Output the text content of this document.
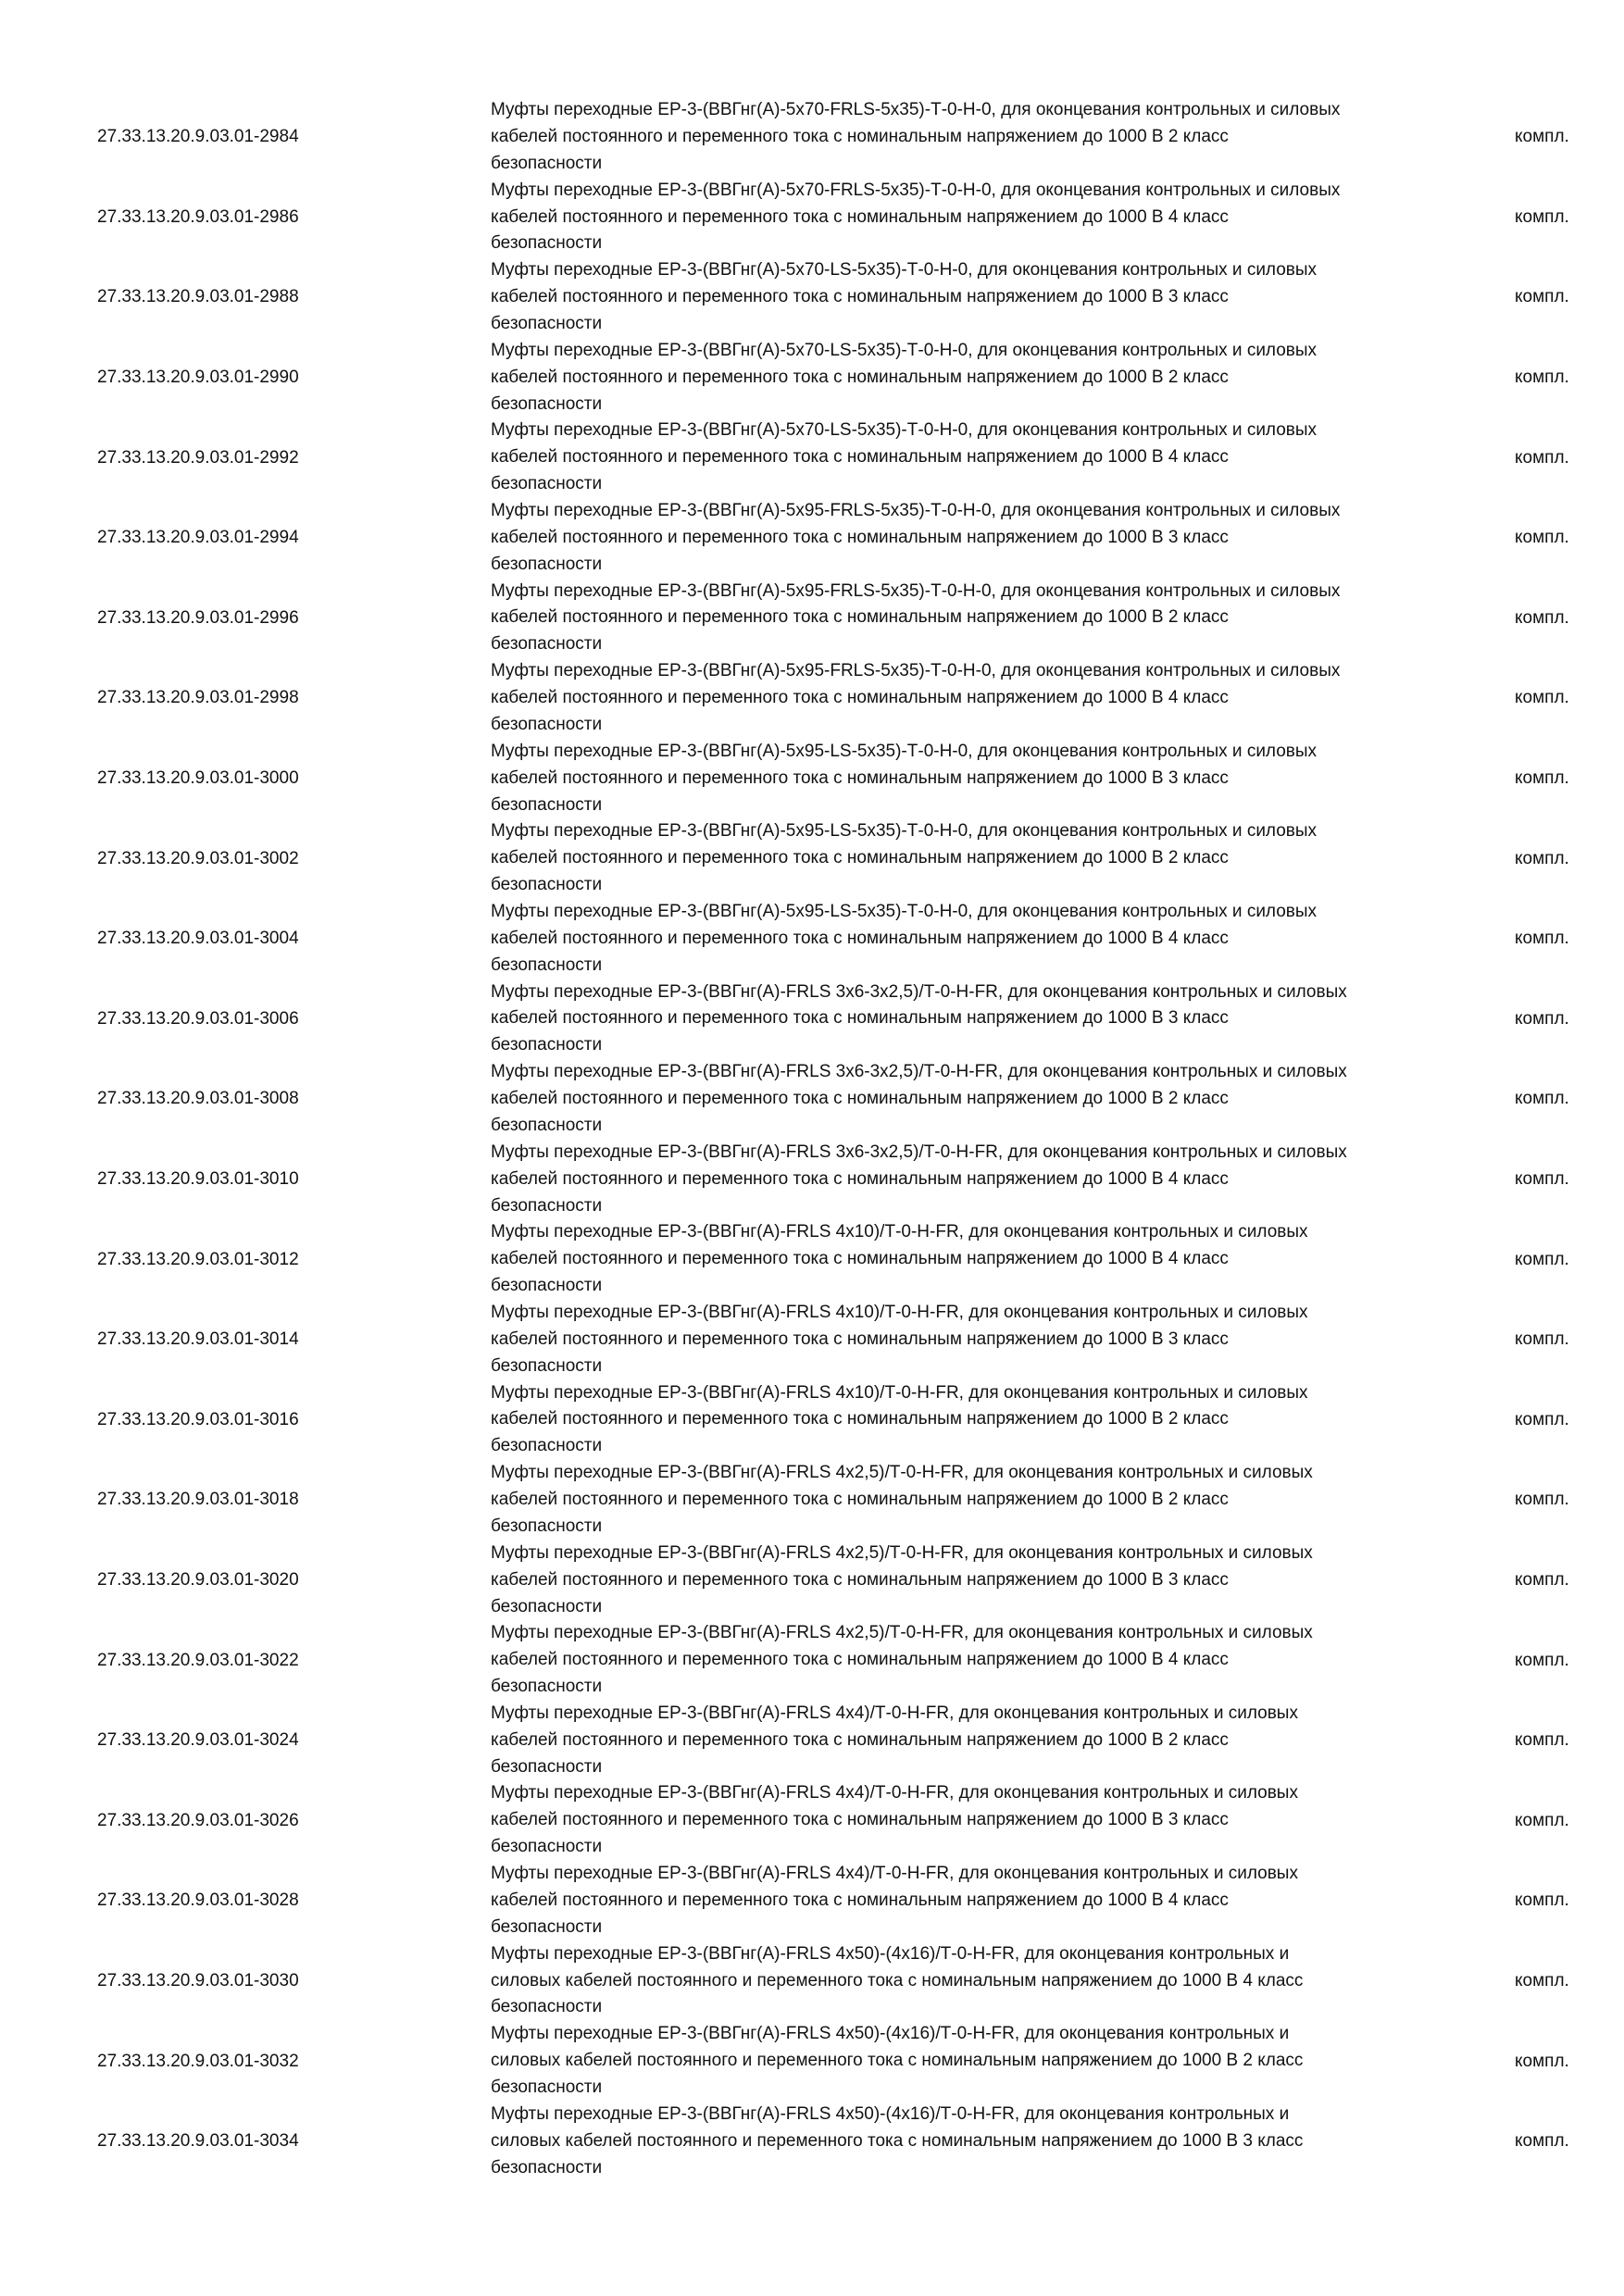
27.33.13.20.9.03.01-2984
Муфты переходные ЕР-3-(ВВГнг(А)-5х70-FRLS-5x35)-Т-0-Н-0, для оконцевания контрольных и силовых
кабелей постоянного и переменного тока с номинальным напряжением до 1000 В 2 класс
безопасности
компл.
27.33.13.20.9.03.01-2986
Муфты переходные ЕР-3-(ВВГнг(А)-5х70-FRLS-5x35)-Т-0-Н-0, для оконцевания контрольных и силовых
кабелей постоянного и переменного тока с номинальным напряжением до 1000 В 4 класс
безопасности
компл.
27.33.13.20.9.03.01-2988
Муфты переходные ЕР-3-(ВВГнг(А)-5х70-LS-5x35)-Т-0-Н-0, для оконцевания контрольных и силовых
кабелей постоянного и переменного тока с номинальным напряжением до 1000 В 3 класс
безопасности
компл.
27.33.13.20.9.03.01-2990
Муфты переходные ЕР-3-(ВВГнг(А)-5х70-LS-5x35)-Т-0-Н-0, для оконцевания контрольных и силовых
кабелей постоянного и переменного тока с номинальным напряжением до 1000 В 2 класс
безопасности
компл.
27.33.13.20.9.03.01-2992
Муфты переходные ЕР-3-(ВВГнг(А)-5х70-LS-5x35)-Т-0-Н-0, для оконцевания контрольных и силовых
кабелей постоянного и переменного тока с номинальным напряжением до 1000 В 4 класс
безопасности
компл.
27.33.13.20.9.03.01-2994
Муфты переходные ЕР-3-(ВВГнг(А)-5х95-FRLS-5x35)-Т-0-Н-0, для оконцевания контрольных и силовых
кабелей постоянного и переменного тока с номинальным напряжением до 1000 В 3 класс
безопасности
компл.
27.33.13.20.9.03.01-2996
Муфты переходные ЕР-3-(ВВГнг(А)-5х95-FRLS-5x35)-Т-0-Н-0, для оконцевания контрольных и силовых
кабелей постоянного и переменного тока с номинальным напряжением до 1000 В 2 класс
безопасности
компл.
27.33.13.20.9.03.01-2998
Муфты переходные ЕР-3-(ВВГнг(А)-5х95-FRLS-5x35)-Т-0-Н-0, для оконцевания контрольных и силовых
кабелей постоянного и переменного тока с номинальным напряжением до 1000 В 4 класс
безопасности
компл.
27.33.13.20.9.03.01-3000
Муфты переходные ЕР-3-(ВВГнг(А)-5х95-LS-5x35)-Т-0-Н-0, для оконцевания контрольных и силовых
кабелей постоянного и переменного тока с номинальным напряжением до 1000 В 3 класс
безопасности
компл.
27.33.13.20.9.03.01-3002
Муфты переходные ЕР-3-(ВВГнг(А)-5х95-LS-5x35)-Т-0-Н-0, для оконцевания контрольных и силовых
кабелей постоянного и переменного тока с номинальным напряжением до 1000 В 2 класс
безопасности
компл.
27.33.13.20.9.03.01-3004
Муфты переходные ЕР-3-(ВВГнг(А)-5х95-LS-5x35)-Т-0-Н-0, для оконцевания контрольных и силовых
кабелей постоянного и переменного тока с номинальным напряжением до 1000 В 4 класс
безопасности
компл.
27.33.13.20.9.03.01-3006
Муфты переходные ЕР-3-(ВВГнг(А)-FRLS 3х6-3х2,5)/Т-0-Н-FR, для оконцевания контрольных и силовых
кабелей постоянного и переменного тока с номинальным напряжением до 1000 В 3 класс
безопасности
компл.
27.33.13.20.9.03.01-3008
Муфты переходные ЕР-3-(ВВГнг(А)-FRLS 3х6-3х2,5)/Т-0-Н-FR, для оконцевания контрольных и силовых
кабелей постоянного и переменного тока с номинальным напряжением до 1000 В 2 класс
безопасности
компл.
27.33.13.20.9.03.01-3010
Муфты переходные ЕР-3-(ВВГнг(А)-FRLS 3х6-3х2,5)/Т-0-Н-FR, для оконцевания контрольных и силовых
кабелей постоянного и переменного тока с номинальным напряжением до 1000 В 4 класс
безопасности
компл.
27.33.13.20.9.03.01-3012
Муфты переходные ЕР-3-(ВВГнг(А)-FRLS 4х10)/Т-0-Н-FR, для оконцевания контрольных и силовых
кабелей постоянного и переменного тока с номинальным напряжением до 1000 В 4 класс
безопасности
компл.
27.33.13.20.9.03.01-3014
Муфты переходные ЕР-3-(ВВГнг(А)-FRLS 4х10)/Т-0-Н-FR, для оконцевания контрольных и силовых
кабелей постоянного и переменного тока с номинальным напряжением до 1000 В 3 класс
безопасности
компл.
27.33.13.20.9.03.01-3016
Муфты переходные ЕР-3-(ВВГнг(А)-FRLS 4х10)/Т-0-Н-FR, для оконцевания контрольных и силовых
кабелей постоянного и переменного тока с номинальным напряжением до 1000 В 2 класс
безопасности
компл.
27.33.13.20.9.03.01-3018
Муфты переходные ЕР-3-(ВВГнг(А)-FRLS 4х2,5)/Т-0-Н-FR, для оконцевания контрольных и силовых
кабелей постоянного и переменного тока с номинальным напряжением до 1000 В 2 класс
безопасности
компл.
27.33.13.20.9.03.01-3020
Муфты переходные ЕР-3-(ВВГнг(А)-FRLS 4х2,5)/Т-0-Н-FR, для оконцевания контрольных и силовых
кабелей постоянного и переменного тока с номинальным напряжением до 1000 В 3 класс
безопасности
компл.
27.33.13.20.9.03.01-3022
Муфты переходные ЕР-3-(ВВГнг(А)-FRLS 4х2,5)/Т-0-Н-FR, для оконцевания контрольных и силовых
кабелей постоянного и переменного тока с номинальным напряжением до 1000 В 4 класс
безопасности
компл.
27.33.13.20.9.03.01-3024
Муфты переходные ЕР-3-(ВВГнг(А)-FRLS 4х4)/Т-0-Н-FR, для оконцевания контрольных и силовых
кабелей постоянного и переменного тока с номинальным напряжением до 1000 В 2 класс
безопасности
компл.
27.33.13.20.9.03.01-3026
Муфты переходные ЕР-3-(ВВГнг(А)-FRLS 4х4)/Т-0-Н-FR, для оконцевания контрольных и силовых
кабелей постоянного и переменного тока с номинальным напряжением до 1000 В 3 класс
безопасности
компл.
27.33.13.20.9.03.01-3028
Муфты переходные ЕР-3-(ВВГнг(А)-FRLS 4х4)/Т-0-Н-FR, для оконцевания контрольных и силовых
кабелей постоянного и переменного тока с номинальным напряжением до 1000 В 4 класс
безопасности
компл.
27.33.13.20.9.03.01-3030
Муфты переходные ЕР-3-(ВВГнг(А)-FRLS 4х50)-(4х16)/Т-0-Н-FR, для оконцевания контрольных и
силовых кабелей постоянного и переменного тока с номинальным напряжением до 1000 В 4 класс
безопасности
компл.
27.33.13.20.9.03.01-3032
Муфты переходные ЕР-3-(ВВГнг(А)-FRLS 4х50)-(4х16)/Т-0-Н-FR, для оконцевания контрольных и
силовых кабелей постоянного и переменного тока с номинальным напряжением до 1000 В 2 класс
безопасности
компл.
27.33.13.20.9.03.01-3034
Муфты переходные ЕР-3-(ВВГнг(А)-FRLS 4х50)-(4х16)/Т-0-Н-FR, для оконцевания контрольных и
силовых кабелей постоянного и переменного тока с номинальным напряжением до 1000 В 3 класс
безопасности
компл.
